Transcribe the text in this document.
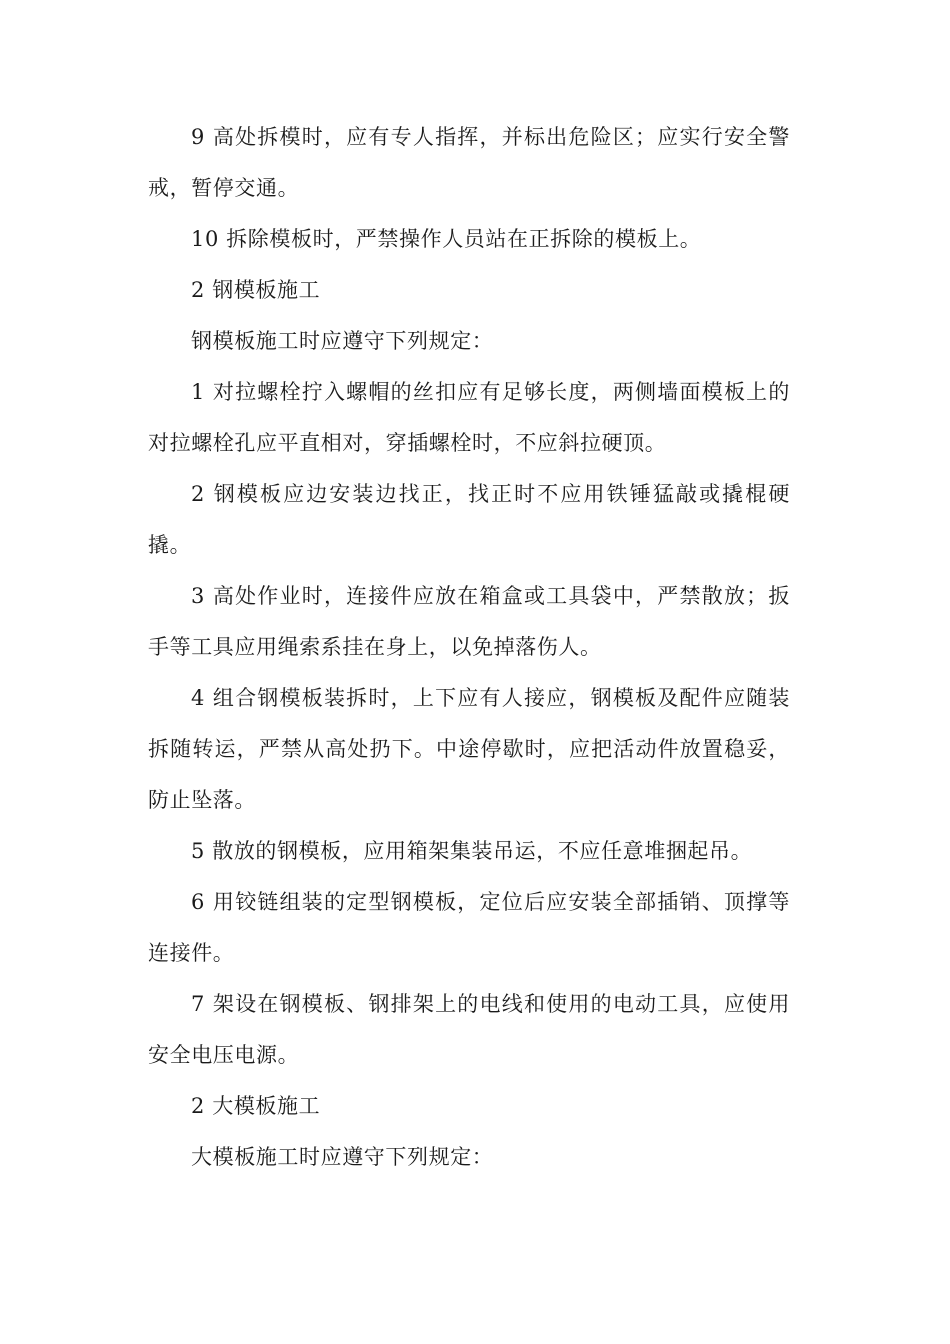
9 高处拆模时，应有专人指挥，并标出危险区；应实行安全警戒，暂停交通。

10 拆除模板时，严禁操作人员站在正拆除的模板上。

2 钢模板施工

钢模板施工时应遵守下列规定：

1 对拉螺栓拧入螺帽的丝扣应有足够长度，两侧墙面模板上的对拉螺栓孔应平直相对，穿插螺栓时，不应斜拉硬顶。

2 钢模板应边安装边找正，找正时不应用铁锤猛敲或撬棍硬撬。

3 高处作业时，连接件应放在箱盒或工具袋中，严禁散放；扳手等工具应用绳索系挂在身上，以免掉落伤人。

4 组合钢模板装拆时，上下应有人接应，钢模板及配件应随装拆随转运，严禁从高处扔下。中途停歇时，应把活动件放置稳妥，防止坠落。

5 散放的钢模板，应用箱架集装吊运，不应任意堆捆起吊。

6 用铰链组装的定型钢模板，定位后应安装全部插销、顶撑等连接件。

7 架设在钢模板、钢排架上的电线和使用的电动工具，应使用安全电压电源。

2 大模板施工

大模板施工时应遵守下列规定：
